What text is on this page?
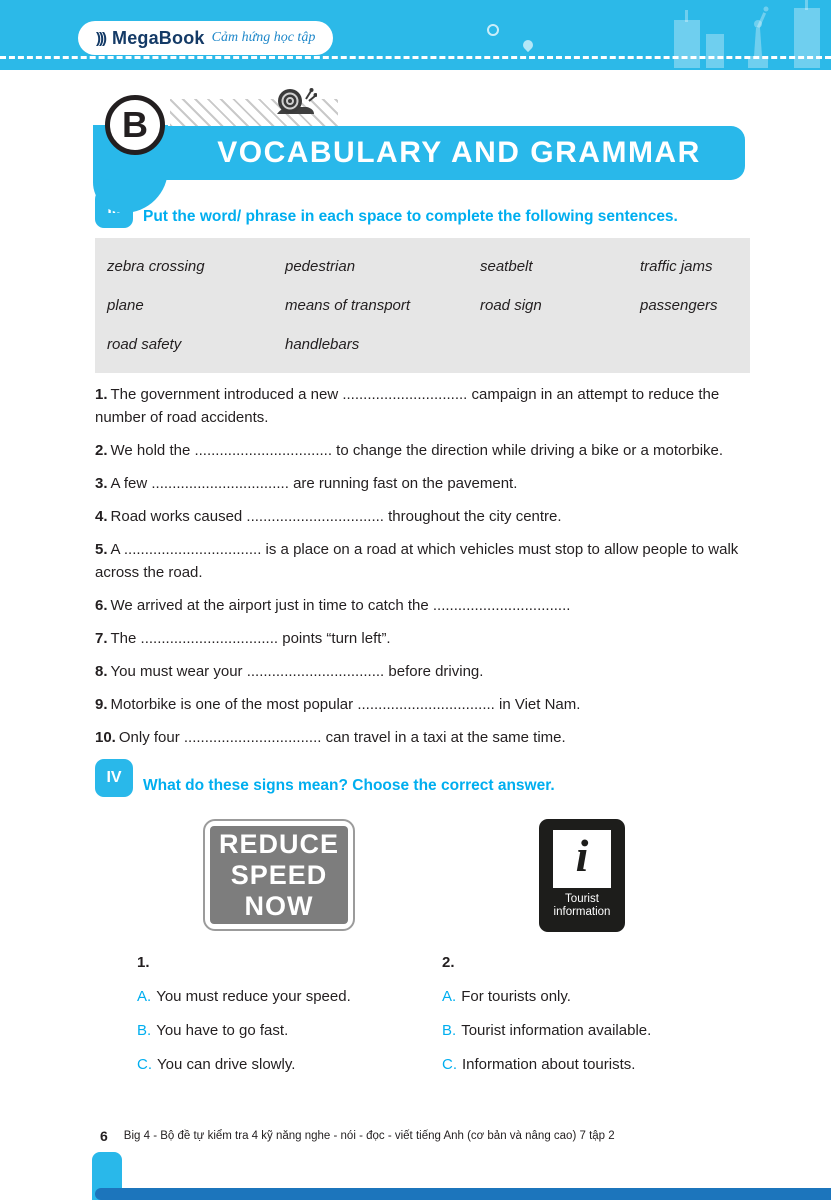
))) MegaBook Cảm hứng học tập
VOCABULARY AND GRAMMAR
B
Put the word/ phrase in each space to complete the following sentences.
zebra crossing	pedestrian	seatbelt	traffic jams
plane	means of transport	road sign	passengers
road safety	handlebars
1. The government introduced a new .............................. campaign in an attempt to reduce the number of road accidents.
2. We hold the ................................. to change the direction while driving a bike or a motorbike.
3. A few ................................. are running fast on the pavement.
4. Road works caused ................................. throughout the city centre.
5. A ................................. is a place on a road at which vehicles must stop to allow people to walk across the road.
6. We arrived at the airport just in time to catch the .................................
7. The ................................. points “turn left”.
8. You must wear your ................................. before driving.
9. Motorbike is one of the most popular ................................. in Viet Nam.
10. Only four ................................. can travel in a taxi at the same time.
IV	What do these signs mean? Choose the correct answer.
REDUCE
SPEED
NOW
i
Tourist
information
1.
A. You must reduce your speed.
B. You have to go fast.
C. You can drive slowly.
2.
A. For tourists only.
B. Tourist information available.
C. Information about tourists.
6 Big 4 - Bộ đề tự kiểm tra 4 kỹ năng nghe - nói - đọc - viết tiếng Anh (cơ bản và nâng cao) 7 tập 2
